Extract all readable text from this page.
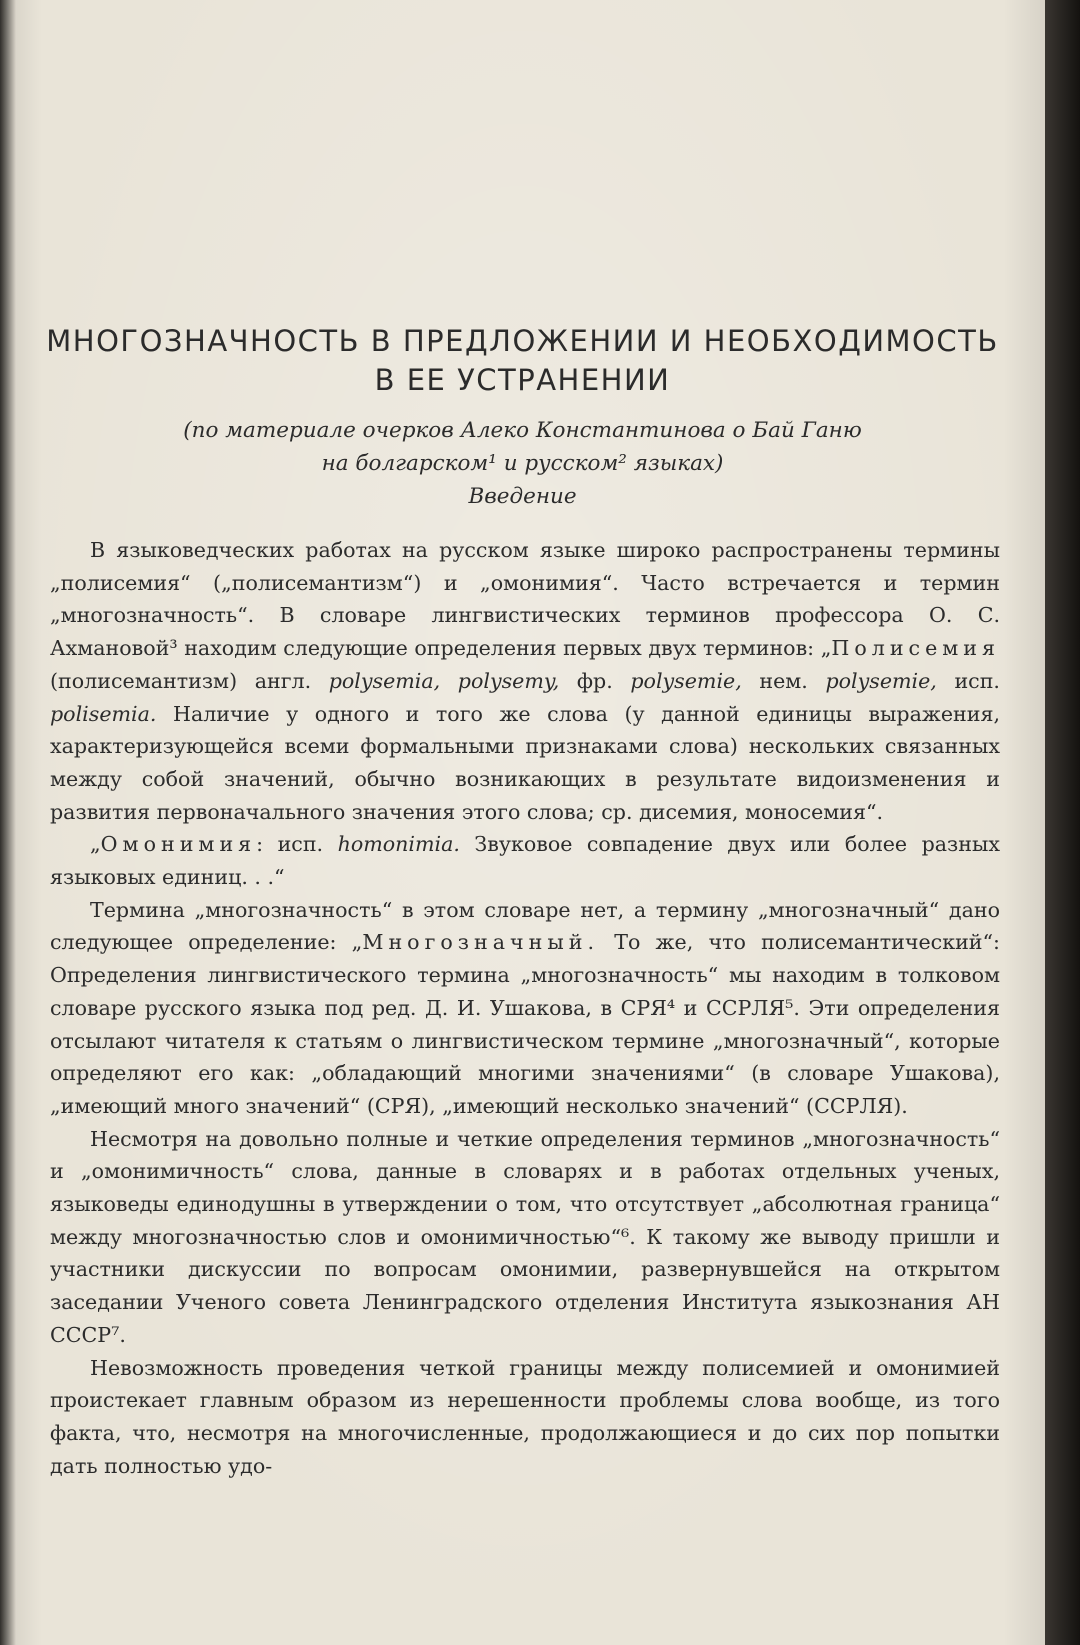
МНОГОЗНАЧНОСТЬ В ПРЕДЛОЖЕНИИ И НЕОБХОДИМОСТЬ
В ЕЕ УСТРАНЕНИИ

(по материале очерков Алеко Константинова о Бай Ганю
на болгарском¹ и русском² языках)

Введение

В языковедческих работах на русском языке широко распространены термины „полисемия“ („полисемантизм“) и „омонимия“. Часто встречается и термин „многозначность“. В словаре лингвистических терминов профессора О. С. Ахмановой³ находим следующие определения первых двух терминов: „Полисемия (полисемантизм) англ. polysemia, polysemy, фр. polysemie, нем. polysemie, исп. polisemia. Наличие у одного и того же слова (у данной единицы выражения, характеризующейся всеми формальными признаками слова) нескольких связанных между собой значений, обычно возникающих в результате видоизменения и развития первоначального значения этого слова; ср. дисемия, моносемия“.

„Омонимия: исп. homonimia. Звуковое совпадение двух или более разных языковых единиц. . .“

Термина „многозначность“ в этом словаре нет, а термину „многозначный“ дано следующее определение: „Многозначный. То же, что полисемантический“: Определения лингвистического термина „многозначность“ мы находим в толковом словаре русского языка под ред. Д. И. Ушакова, в СРЯ⁴ и ССРЛЯ⁵. Эти определения отсылают читателя к статьям о лингвистическом термине „многозначный“, которые определяют его как: „обладающий многими значениями“ (в словаре Ушакова), „имеющий много значений“ (СРЯ), „имеющий несколько значений“ (ССРЛЯ).

Несмотря на довольно полные и четкие определения терминов „многозначность“ и „омонимичность“ слова, данные в словарях и в работах отдельных ученых, языковеды единодушны в утверждении о том, что отсутствует „абсолютная граница“ между многозначностью слов и омонимичностью“⁶. К такому же выводу пришли и участники дискуссии по вопросам омонимии, развернувшейся на открытом заседании Ученого совета Ленинградского отделения Института языкознания АН СССР⁷.

Невозможность проведения четкой границы между полисемией и омонимией проистекает главным образом из нерешенности проблемы слова вообще, из того факта, что, несмотря на многочисленные, продолжающиеся и до сих пор попытки дать полностью удо-
